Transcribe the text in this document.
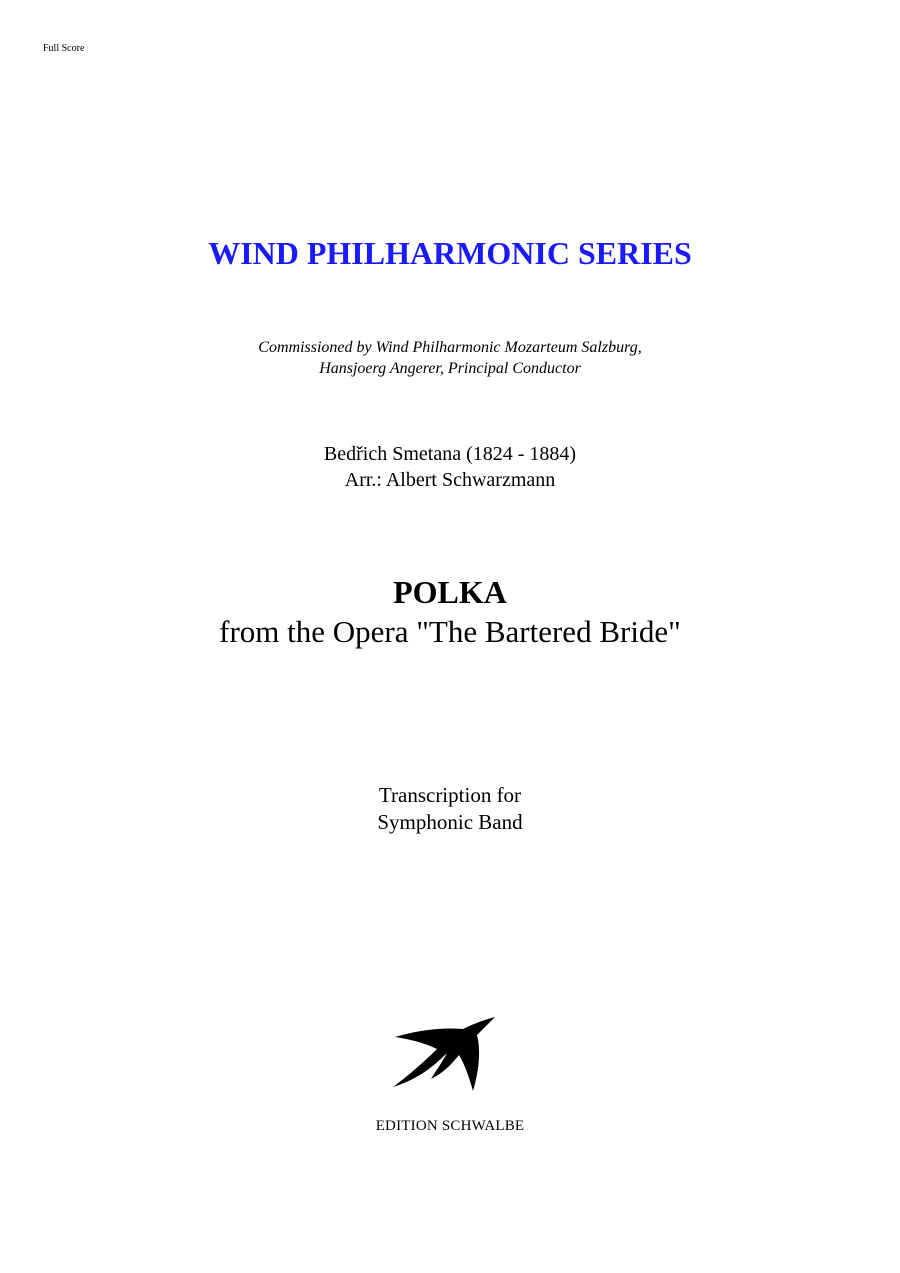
Full Score
WIND PHILHARMONIC SERIES
Commissioned by Wind Philharmonic Mozarteum Salzburg,
Hansjoerg Angerer, Principal Conductor
Bedřich Smetana (1824 - 1884)
Arr.: Albert Schwarzmann
POLKA
from the Opera "The Bartered Bride"
Transcription for
Symphonic Band
EDITION SCHWALBE
